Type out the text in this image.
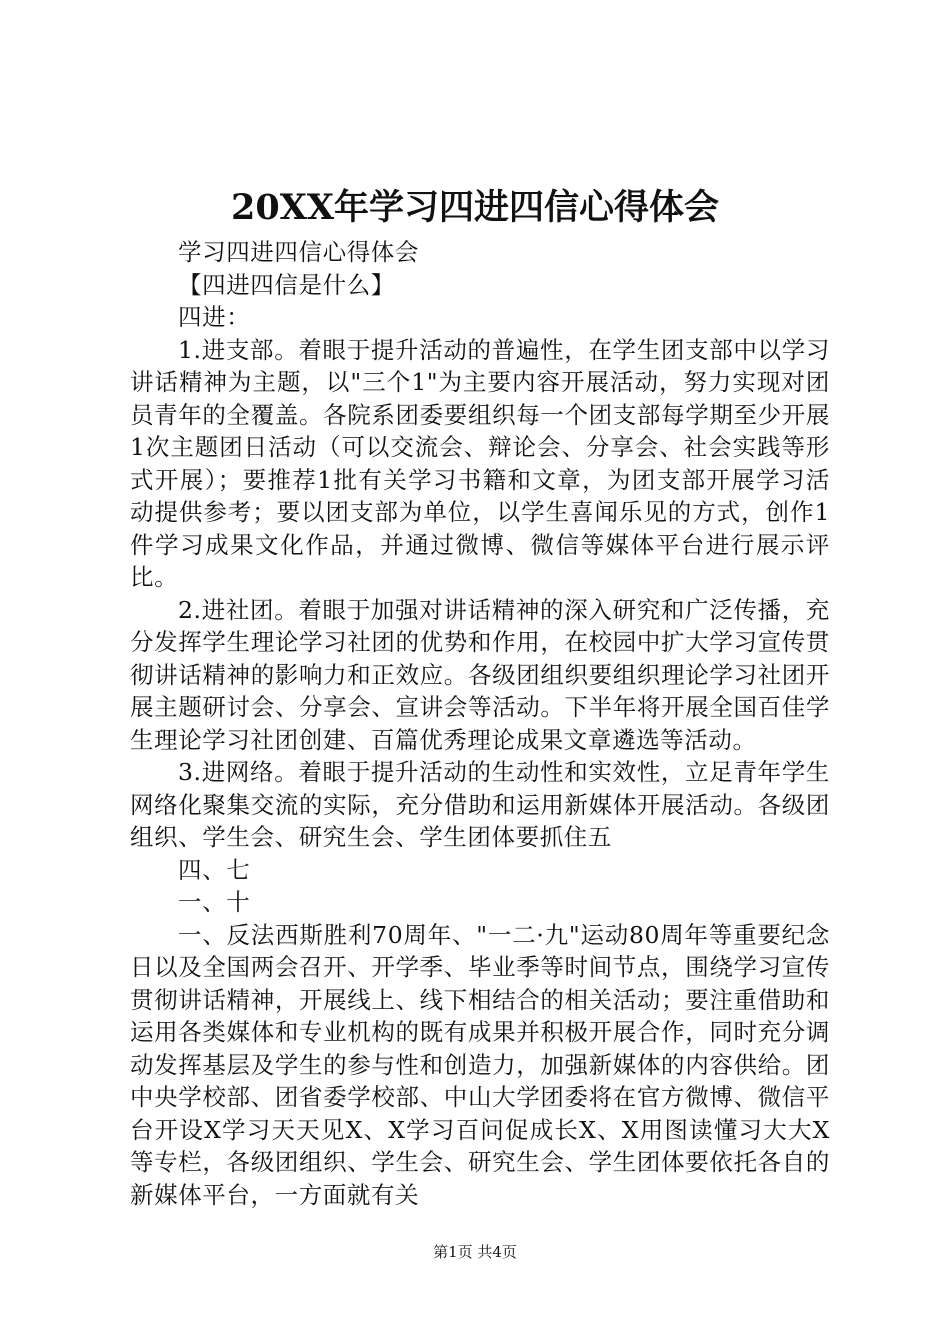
20XX年学习四进四信心得体会

学习四进四信心得体会

【四进四信是什么】

四进：

1.进支部。着眼于提升活动的普遍性，在学生团支部中以学习讲话精神为主题，以"三个1"为主要内容开展活动，努力实现对团员青年的全覆盖。各院系团委要组织每一个团支部每学期至少开展1次主题团日活动（可以交流会、辩论会、分享会、社会实践等形式开展）；要推荐1批有关学习书籍和文章，为团支部开展学习活动提供参考；要以团支部为单位，以学生喜闻乐见的方式，创作1件学习成果文化作品，并通过微博、微信等媒体平台进行展示评比。

2.进社团。着眼于加强对讲话精神的深入研究和广泛传播，充分发挥学生理论学习社团的优势和作用，在校园中扩大学习宣传贯彻讲话精神的影响力和正效应。各级团组织要组织理论学习社团开展主题研讨会、分享会、宣讲会等活动。下半年将开展全国百佳学生理论学习社团创建、百篇优秀理论成果文章遴选等活动。

3.进网络。着眼于提升活动的生动性和实效性，立足青年学生网络化聚集交流的实际，充分借助和运用新媒体开展活动。各级团组织、学生会、研究生会、学生团体要抓住五

四、七

一、十

一、反法西斯胜利70周年、"一二·九"运动80周年等重要纪念日以及全国两会召开、开学季、毕业季等时间节点，围绕学习宣传贯彻讲话精神，开展线上、线下相结合的相关活动；要注重借助和运用各类媒体和专业机构的既有成果并积极开展合作，同时充分调动发挥基层及学生的参与性和创造力，加强新媒体的内容供给。团中央学校部、团省委学校部、中山大学团委将在官方微博、微信平台开设X学习天天见X、X学习百问促成长X、X用图读懂习大大X等专栏，各级团组织、学生会、研究生会、学生团体要依托各自的新媒体平台，一方面就有关

第1页 共4页
